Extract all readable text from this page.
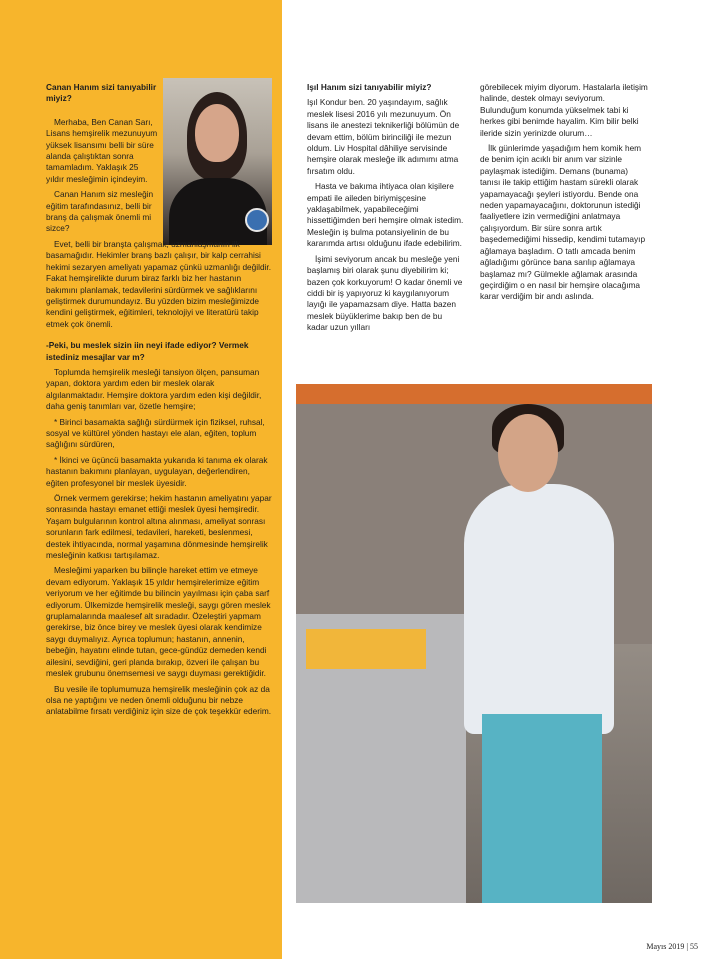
Canan Hanım sizi tanıyabilir miyiz?

Merhaba, Ben Canan Sarı, Lisans hemşirelik mezunuyum yüksek lisansımı belli bir süre alanda çalıştıktan sonra tamamladım. Yaklaşık 25 yıldır mesleğimin içindeyim.

Canan Hanım siz mesleğin eğitim tarafındasınız, belli bir branş da çalışmak önemli mi sizce?

Evet, belli bir branşta çalışmak, uzmanlaşmanın ilk basamağıdır. Hekimler branş bazlı çalışır, bir kalp cerrahisi hekimi sezaryen ameliyatı yapamaz çünkü uzmanlığı değildir. Fakat hemşirelikte durum biraz farklı biz her hastanın bakımını planlamak, tedavilerini sürdürmek ve sağlıklarını geliştirmek durumundayız. Bu yüzden bizim mesleğimizde kendini geliştirmek, eğitimleri, teknolojiyi ve literatürü takip etmek çok önemli.

-Peki, bu meslek sizin iin neyi ifade ediyor? Vermek istediniz mesajlar var m?

Toplumda hemşirelik mesleği tansiyon ölçen, pansuman yapan, doktora yardım eden bir meslek olarak algılanmaktadır. Hemşire doktora yardım eden kişi değildir, daha geniş tanımları var, özetle hemşire;

* Birinci basamakta sağlığı sürdürmek için fiziksel, ruhsal, sosyal ve kültürel yönden hastayı ele alan, eğiten, toplum sağlığını sürdüren,

* İkinci ve üçüncü basamakta yukarıda ki tanıma ek olarak hastanın bakımını planlayan, uygulayan, değerlendiren, eğiten profesyonel bir meslek üyesidir.

Örnek vermem gerekirse; hekim hastanın ameliyatını yapar sonrasında hastayı emanet ettiği meslek üyesi hemşiredir. Yaşam bulgularının kontrol altına alınması, ameliyat sonrası sorunların fark edilmesi, tedavileri, hareketi, beslenmesi, destek ihtiyacında, normal yaşamına dönmesinde hemşirelik mesleğinin katkısı tartışılamaz.

Mesleğimi yaparken bu bilinçle hareket ettim ve etmeye devam ediyorum. Yaklaşık 15 yıldır hemşirelerimize eğitim veriyorum ve her eğitimde bu bilincin yayılması için çaba sarf ediyorum. Ülkemizde hemşirelik mesleği, saygı gören meslek gruplamalarında maalesef alt sıradadır. Özeleştiri yapmam gerekirse, biz önce birey ve meslek üyesi olarak kendimize saygı duymalıyız. Ayrıca toplumun; hastanın, annenin, bebeğin, hayatını elinde tutan, gece-gündüz demeden kendi ailesini, sevdiğini, geri planda bırakıp, özveri ile çalışan bu meslek grubunu önemsemesi ve saygı duyması gerektiğidir.

Bu vesile ile toplumumuza hemşirelik mesleğinin çok az da olsa ne yaptığını ve neden önemli olduğunu bir nebze anlatabilme fırsatı verdiğiniz için size de çok teşekkür ederim.

Işıl Hanım sizi tanıyabilir miyiz?

Işıl Kondur ben. 20 yaşındayım, sağlık meslek lisesi 2016 yılı mezunuyum. Ön lisans ile anestezi teknikerliği bölümün de devam ettim, bölüm birinciliği ile mezun oldum. Liv Hospital dâhiliye servisinde hemşire olarak mesleğe ilk adımımı atma fırsatım oldu.

Hasta ve bakıma ihtiyaca olan kişilere empati ile aileden biriymişçesine yaklaşabilmek, yapabileceğimi hissettiğimden beri hemşire olmak istedim. Mesleğin iş bulma potansiyelinin de bu kararımda artısı olduğunu ifade edebilirim.

İşimi seviyorum ancak bu mesleğe yeni başlamış biri olarak şunu diyebilirim ki; bazen çok korkuyorum! O kadar önemli ve ciddi bir iş yapıyoruz ki kaygılanıyorum layığı ile yapamazsam diye. Hatta bazen meslek büyüklerime bakıp ben de bu kadar uzun yılları

görebilecek miyim diyorum. Hastalarla iletişim halinde, destek olmayı seviyorum. Bulunduğum konumda yükselmek tabi ki herkes gibi benimde hayalim. Kim bilir belki ileride sizin yerinizde olurum…

İlk günlerimde yaşadığım hem komik hem de benim için acıklı bir anım var sizinle paylaşmak istediğim. Demans (bunama) tanısı ile takip ettiğim hastam sürekli olarak yapamayacağı şeyleri istiyordu. Bende ona neden yapamayacağını, doktorunun istediği faaliyetlere izin vermediğini anlatmaya çalışıyordum. Bir süre sonra artık başedemediğimi hissedip, kendimi tutamayıp ağlamaya başladım. O tatlı amcada benim ağladığımı görünce bana sarılıp ağlamaya başlamaz mı? Gülmekle ağlamak arasında geçirdiğim o en nasıl bir hemşire olacağıma karar verdiğim bir andı aslında.

Mayıs 2019 | 55
